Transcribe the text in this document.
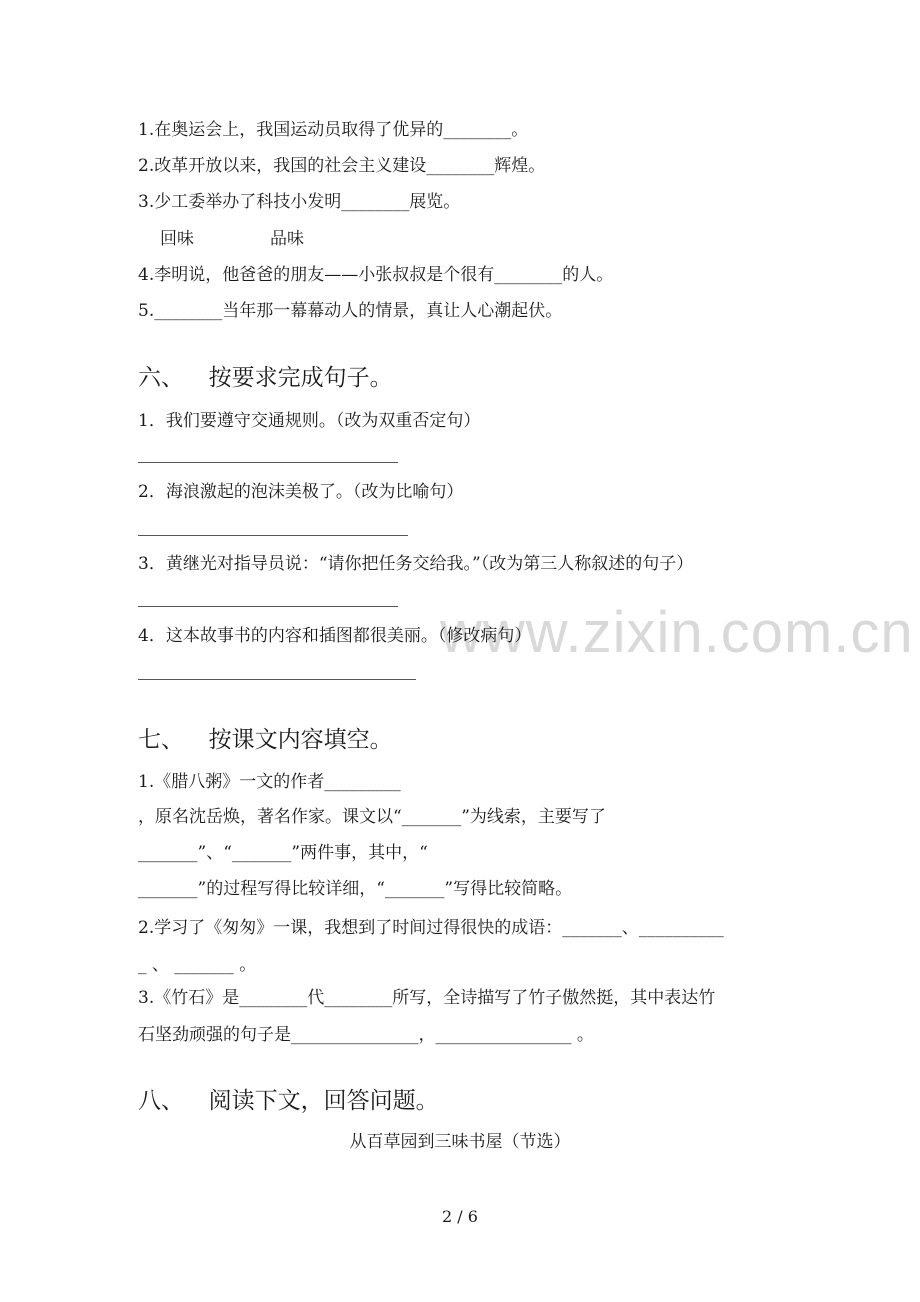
www.zixin.com.cn
1.在奥运会上，我国运动员取得了优异的________。
2.改革开放以来，我国的社会主义建设________辉煌。
3.少工委举办了科技小发明________展览。
回味	品味
4.李明说，他爸爸的朋友——小张叔叔是个很有________的人。
5.________当年那一幕幕动人的情景，真让人心潮起伏。
六、 按要求完成句子。
1．我们要遵守交通规则。（改为双重否定句）
2．海浪激起的泡沫美极了。（改为比喻句）
3．黄继光对指导员说：“请你把任务交给我。”（改为第三人称叙述的句子）
4．这本故事书的内容和插图都很美丽。（修改病句）
七、 按课文内容填空。
1.《腊八粥》一文的作者_________
，原名沈岳焕，著名作家。课文以“_______”为线索，主要写了
_______”、“_______”两件事，其中，“
_______”的过程写得比较详细，“_______”写得比较简略。
2.学习了《匆匆》一课，我想到了时间过得很快的成语：_______、__________
_ 、 _______ 。
3.《竹石》是________代________所写，全诗描写了竹子傲然挺，其中表达竹
石坚劲顽强的句子是_______________，________________ 。
八、 阅读下文，回答问题。
从百草园到三味书屋（节选）
2 / 6
